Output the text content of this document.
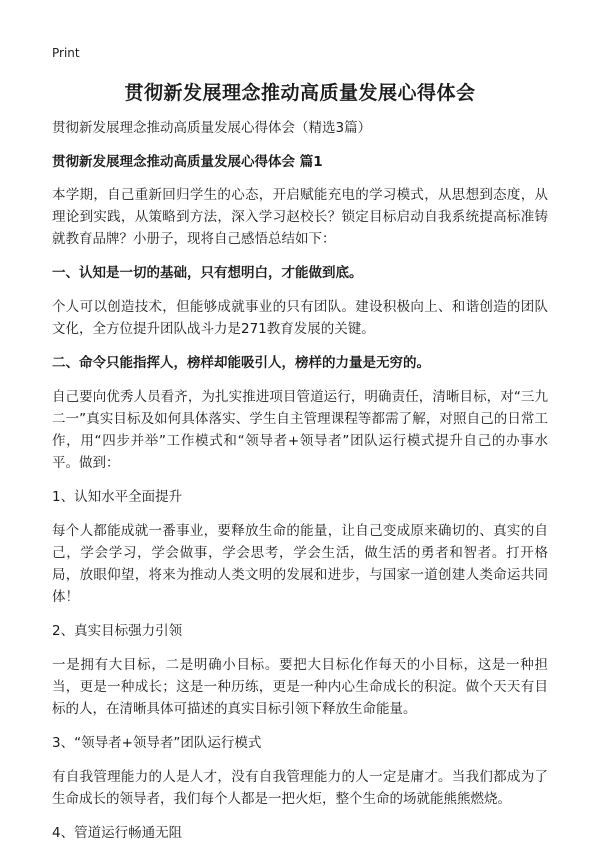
Print
贯彻新发展理念推动高质量发展心得体会

贯彻新发展理念推动高质量发展心得体会（精选3篇）

贯彻新发展理念推动高质量发展心得体会 篇1

本学期，自己重新回归学生的心态，开启赋能充电的学习模式，从思想到态度，从理论到实践，从策略到方法，深入学习赵校长？锁定目标启动自我系统提高标准铸就教育品牌？小册子，现将自己感悟总结如下：

一、认知是一切的基础，只有想明白，才能做到底。

个人可以创造技术，但能够成就事业的只有团队。建设积极向上、和谐创造的团队文化，全方位提升团队战斗力是271教育发展的关键。

二、命令只能指挥人，榜样却能吸引人，榜样的力量是无穷的。

自己要向优秀人员看齐，为扎实推进项目管道运行，明确责任，清晰目标，对“三九二一”真实目标及如何具体落实、学生自主管理课程等都需了解，对照自己的日常工作，用“四步并举”工作模式和“领导者+领导者”团队运行模式提升自己的办事水平。做到：

1、认知水平全面提升

每个人都能成就一番事业，要释放生命的能量，让自己变成原来确切的、真实的自己，学会学习，学会做事，学会思考，学会生活，做生活的勇者和智者。打开格局，放眼仰望，将来为推动人类文明的发展和进步，与国家一道创建人类命运共同体！

2、真实目标强力引领

一是拥有大目标，二是明确小目标。要把大目标化作每天的小目标，这是一种担当，更是一种成长；这是一种历练，更是一种内心生命成长的积淀。做个天天有目标的人，在清晰具体可描述的真实目标引领下释放生命能量。

3、“领导者+领导者”团队运行模式

有自我管理能力的人是人才，没有自我管理能力的人一定是庸才。当我们都成为了生命成长的领导者，我们每个人都是一把火炬，整个生命的场就能熊熊燃烧。

4、管道运行畅通无阻
